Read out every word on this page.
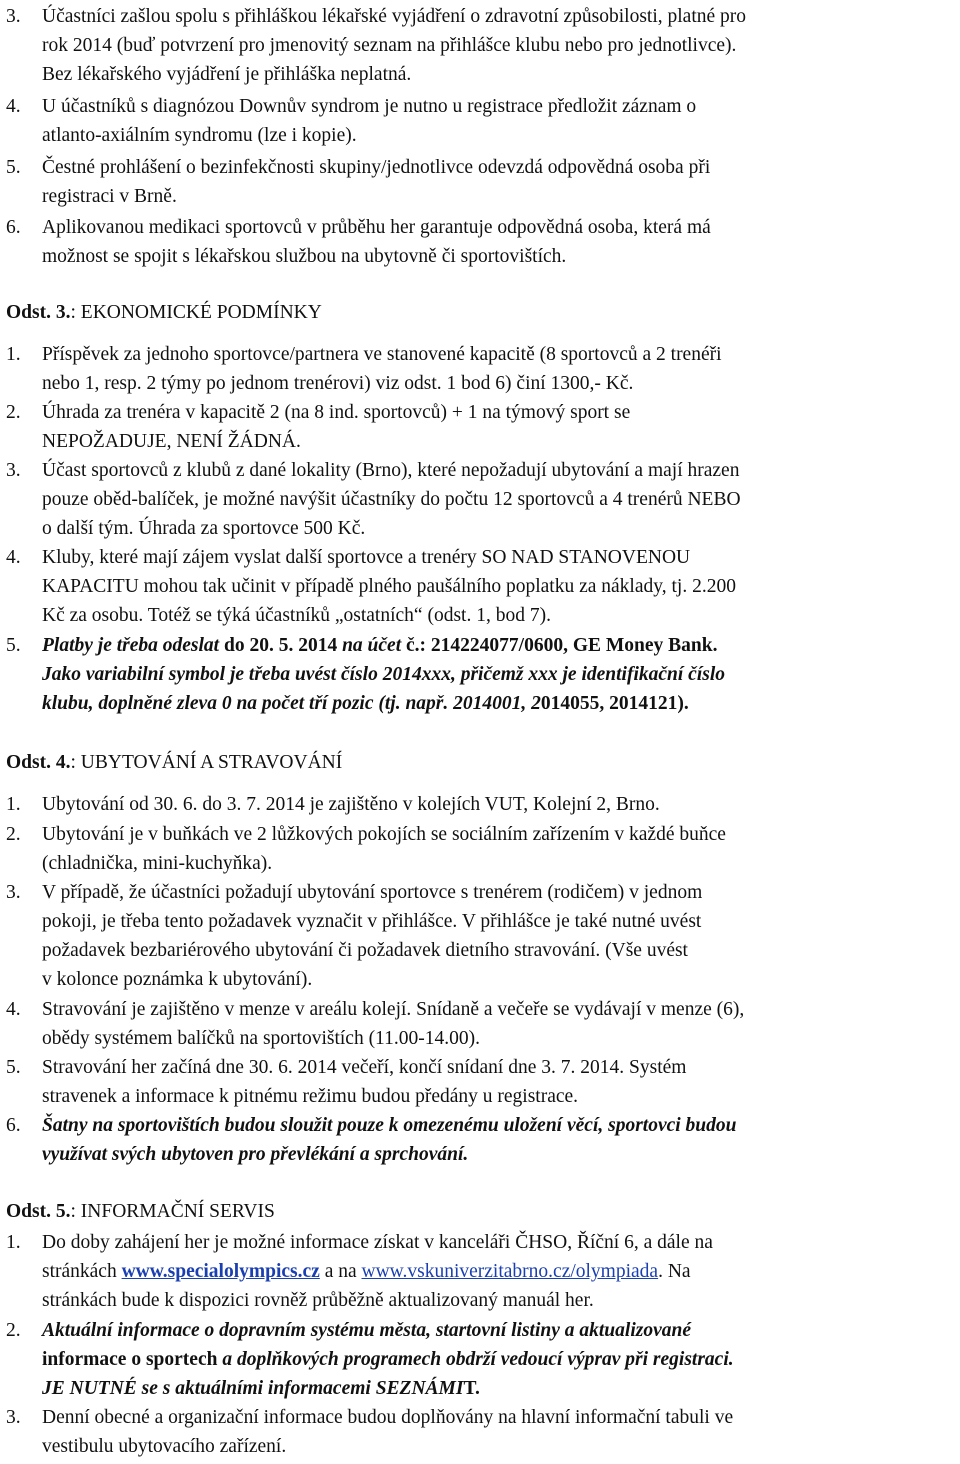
3. Účastníci zašlou spolu s přihláškou lékařské vyjádření o zdravotní způsobilosti, platné pro
rok 2014 (buď potvrzení pro jmenovitý seznam na přihlášce klubu nebo pro jednotlivce).
Bez lékařského vyjádření je přihláška neplatná.
4. U účastníků s diagnózou Downův syndrom je nutno u registrace předložit záznam o
atlanto-axiálním syndromu (lze i kopie).
5. Čestné prohlášení o bezinfekčnosti skupiny/jednotlivce odevzdá odpovědná osoba při
registraci v Brně.
6. Aplikovanou medikaci sportovců v průběhu her garantuje odpovědná osoba, která má
možnost se spojit s lékařskou službou na ubytovně či sportovištích.
Odst. 3.: EKONOMICKÉ PODMÍNKY
1. Příspěvek za jednoho sportovce/partnera ve stanovené kapacitě (8 sportovců a 2 trenéři
nebo 1, resp. 2 týmy po jednom trenérovi) viz odst. 1 bod 6) činí 1300,- Kč.
2. Úhrada za trenéra v kapacitě 2 (na 8 ind. sportovců) + 1 na týmový sport se
NEPOŽADUJE, NENÍ ŽÁDNÁ.
3. Účast sportovců z klubů z dané lokality (Brno), které nepožadují ubytování a mají hrazen
pouze oběd-balíček, je možné navýšit účastníky do počtu 12 sportovců a 4 trenérů NEBO
o další tým. Úhrada za sportovce 500 Kč.
4. Kluby, které mají zájem vyslat další sportovce a trenéry SO NAD STANOVENOU
KAPACITU mohou tak učinit v případě plného paušálního poplatku za náklady, tj. 2.200
Kč za osobu. Totéž se týká účastníků „ostatních“ (odst. 1, bod 7).
5. Platby je třeba odeslat do 20. 5. 2014 na účet č.: 214224077/0600, GE Money Bank.
Jako variabilní symbol je třeba uvést číslo 2014xxx, přičemž xxx je identifikační číslo
klubu, doplněné zleva 0 na počet tří pozic (tj. např. 2014001, 2014055, 2014121).
Odst. 4.: UBYTOVÁNÍ A STRAVOVÁNÍ
1. Ubytování od 30. 6. do 3. 7. 2014 je zajištěno v kolejích VUT, Kolejní 2, Brno.
2. Ubytování je v buňkách ve 2 lůžkových pokojích se sociálním zařízením v každé buňce
(chladnička, mini-kuchyňka).
3. V případě, že účastníci požadují ubytování sportovce s trenérem (rodičem) v jednom
pokoji, je třeba tento požadavek vyznačit v přihlášce. V přihlášce je také nutné uvést
požadavek bezbariérového ubytování či požadavek dietního stravování. (Vše uvést
v kolonce poznámka k ubytování).
4. Stravování je zajištěno v menze v areálu kolejí. Snídaně a večeře se vydávají v menze (6),
obědy systémem balíčků na sportovištích (11.00-14.00).
5. Stravování her začíná dne 30. 6. 2014 večeří, končí snídaní dne 3. 7. 2014. Systém
stravenek a informace k pitnému režimu budou předány u registrace.
6. Šatny na sportovištích budou sloužit pouze k omezenému uložení věcí, sportovci budou
využívat svých ubytoven pro převlékání a sprchování.
Odst. 5.: INFORMAČNÍ SERVIS
1. Do doby zahájení her je možné informace získat v kanceláři ČHSO, Říční 6, a dále na
stránkách www.specialolympics.cz a na www.vskuniverzitabrno.cz/olympiada. Na
stránkách bude k dispozici rovněž průběžně aktualizovaný manuál her.
2. Aktuální informace o dopravním systému města, startovní listiny a aktualizované
informace o sportech a doplňkových programech obdrží vedoucí výprav při registraci.
JE NUTNÉ se s aktuálními informacemi SEZNÁMIT.
3. Denní obecné a organizační informace budou doplňovány na hlavní informační tabuli ve
vestibulu ubytovacího zařízení.
